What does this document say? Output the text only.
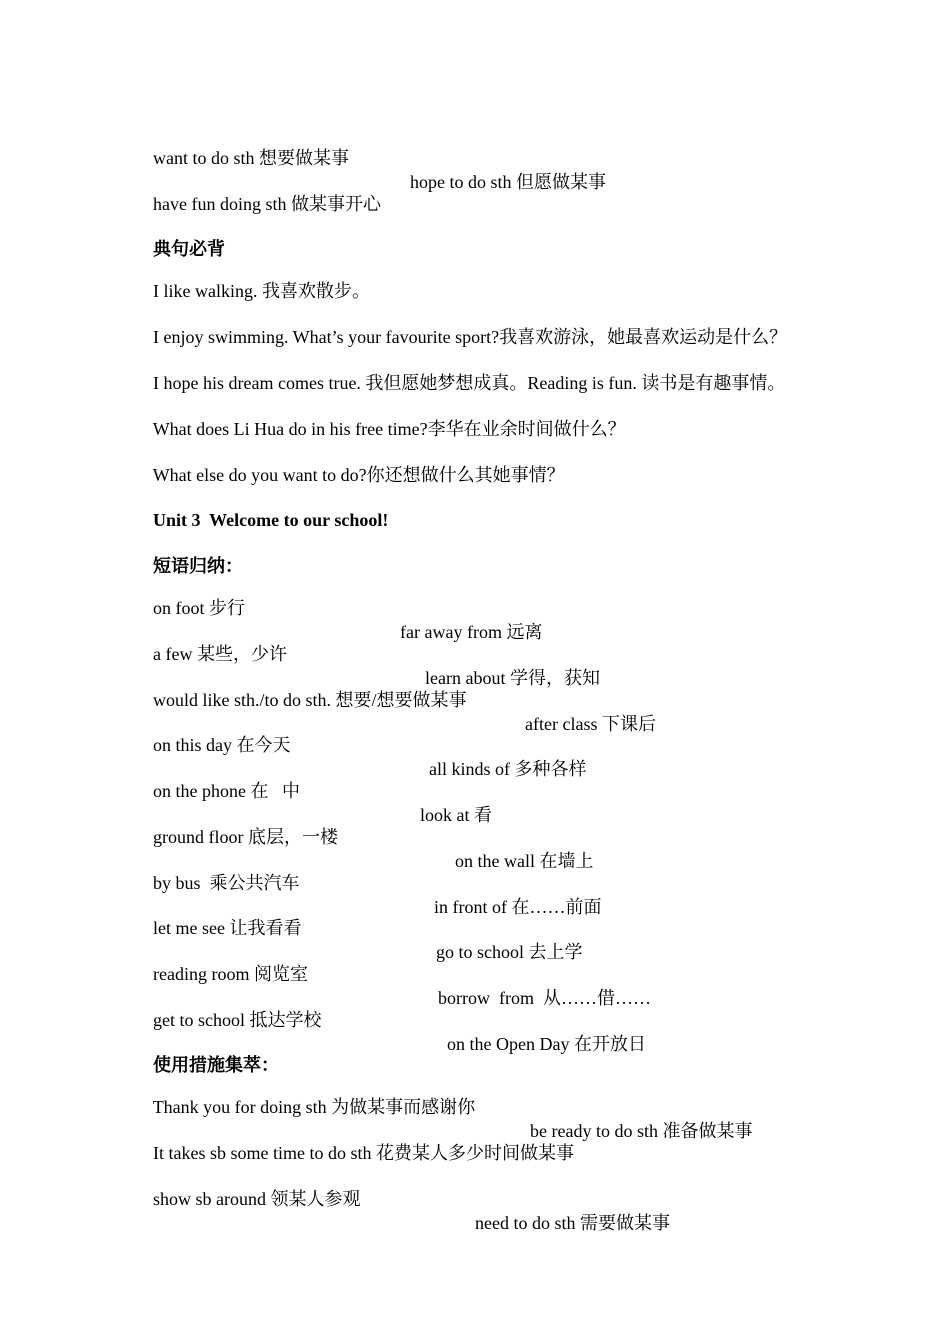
want to do sth 想要做某事

hope to do sth 但愿做某事

have fun doing sth 做某事开心

典句必背

I like walking. 我喜欢散步。

I enjoy swimming. What’s your favourite sport?我喜欢游泳，她最喜欢运动是什么？

I hope his dream comes true. 我但愿她梦想成真。Reading is fun. 读书是有趣事情。

What does Li Hua do in his free time?李华在业余时间做什么？

What else do you want to do?你还想做什么其她事情？

Unit 3  Welcome to our school!

短语归纳：

on foot 步行

far away from 远离

a few 某些，少许

learn about 学得，获知

would like sth./to do sth. 想要/想要做某事

after class 下课后

on this day 在今天

all kinds of 多种各样

on the phone 在   中

look at 看

ground floor 底层，一楼

on the wall 在墙上

by bus  乘公共汽车

in front of 在……前面

let me see 让我看看

go to school 去上学

reading room 阅览室

borrow  from  从……借……

get to school 抵达学校

on the Open Day 在开放日

使用措施集萃：

Thank you for doing sth 为做某事而感谢你

be ready to do sth 准备做某事

It takes sb some time to do sth 花费某人多少时间做某事

show sb around 领某人参观

need to do sth 需要做某事
